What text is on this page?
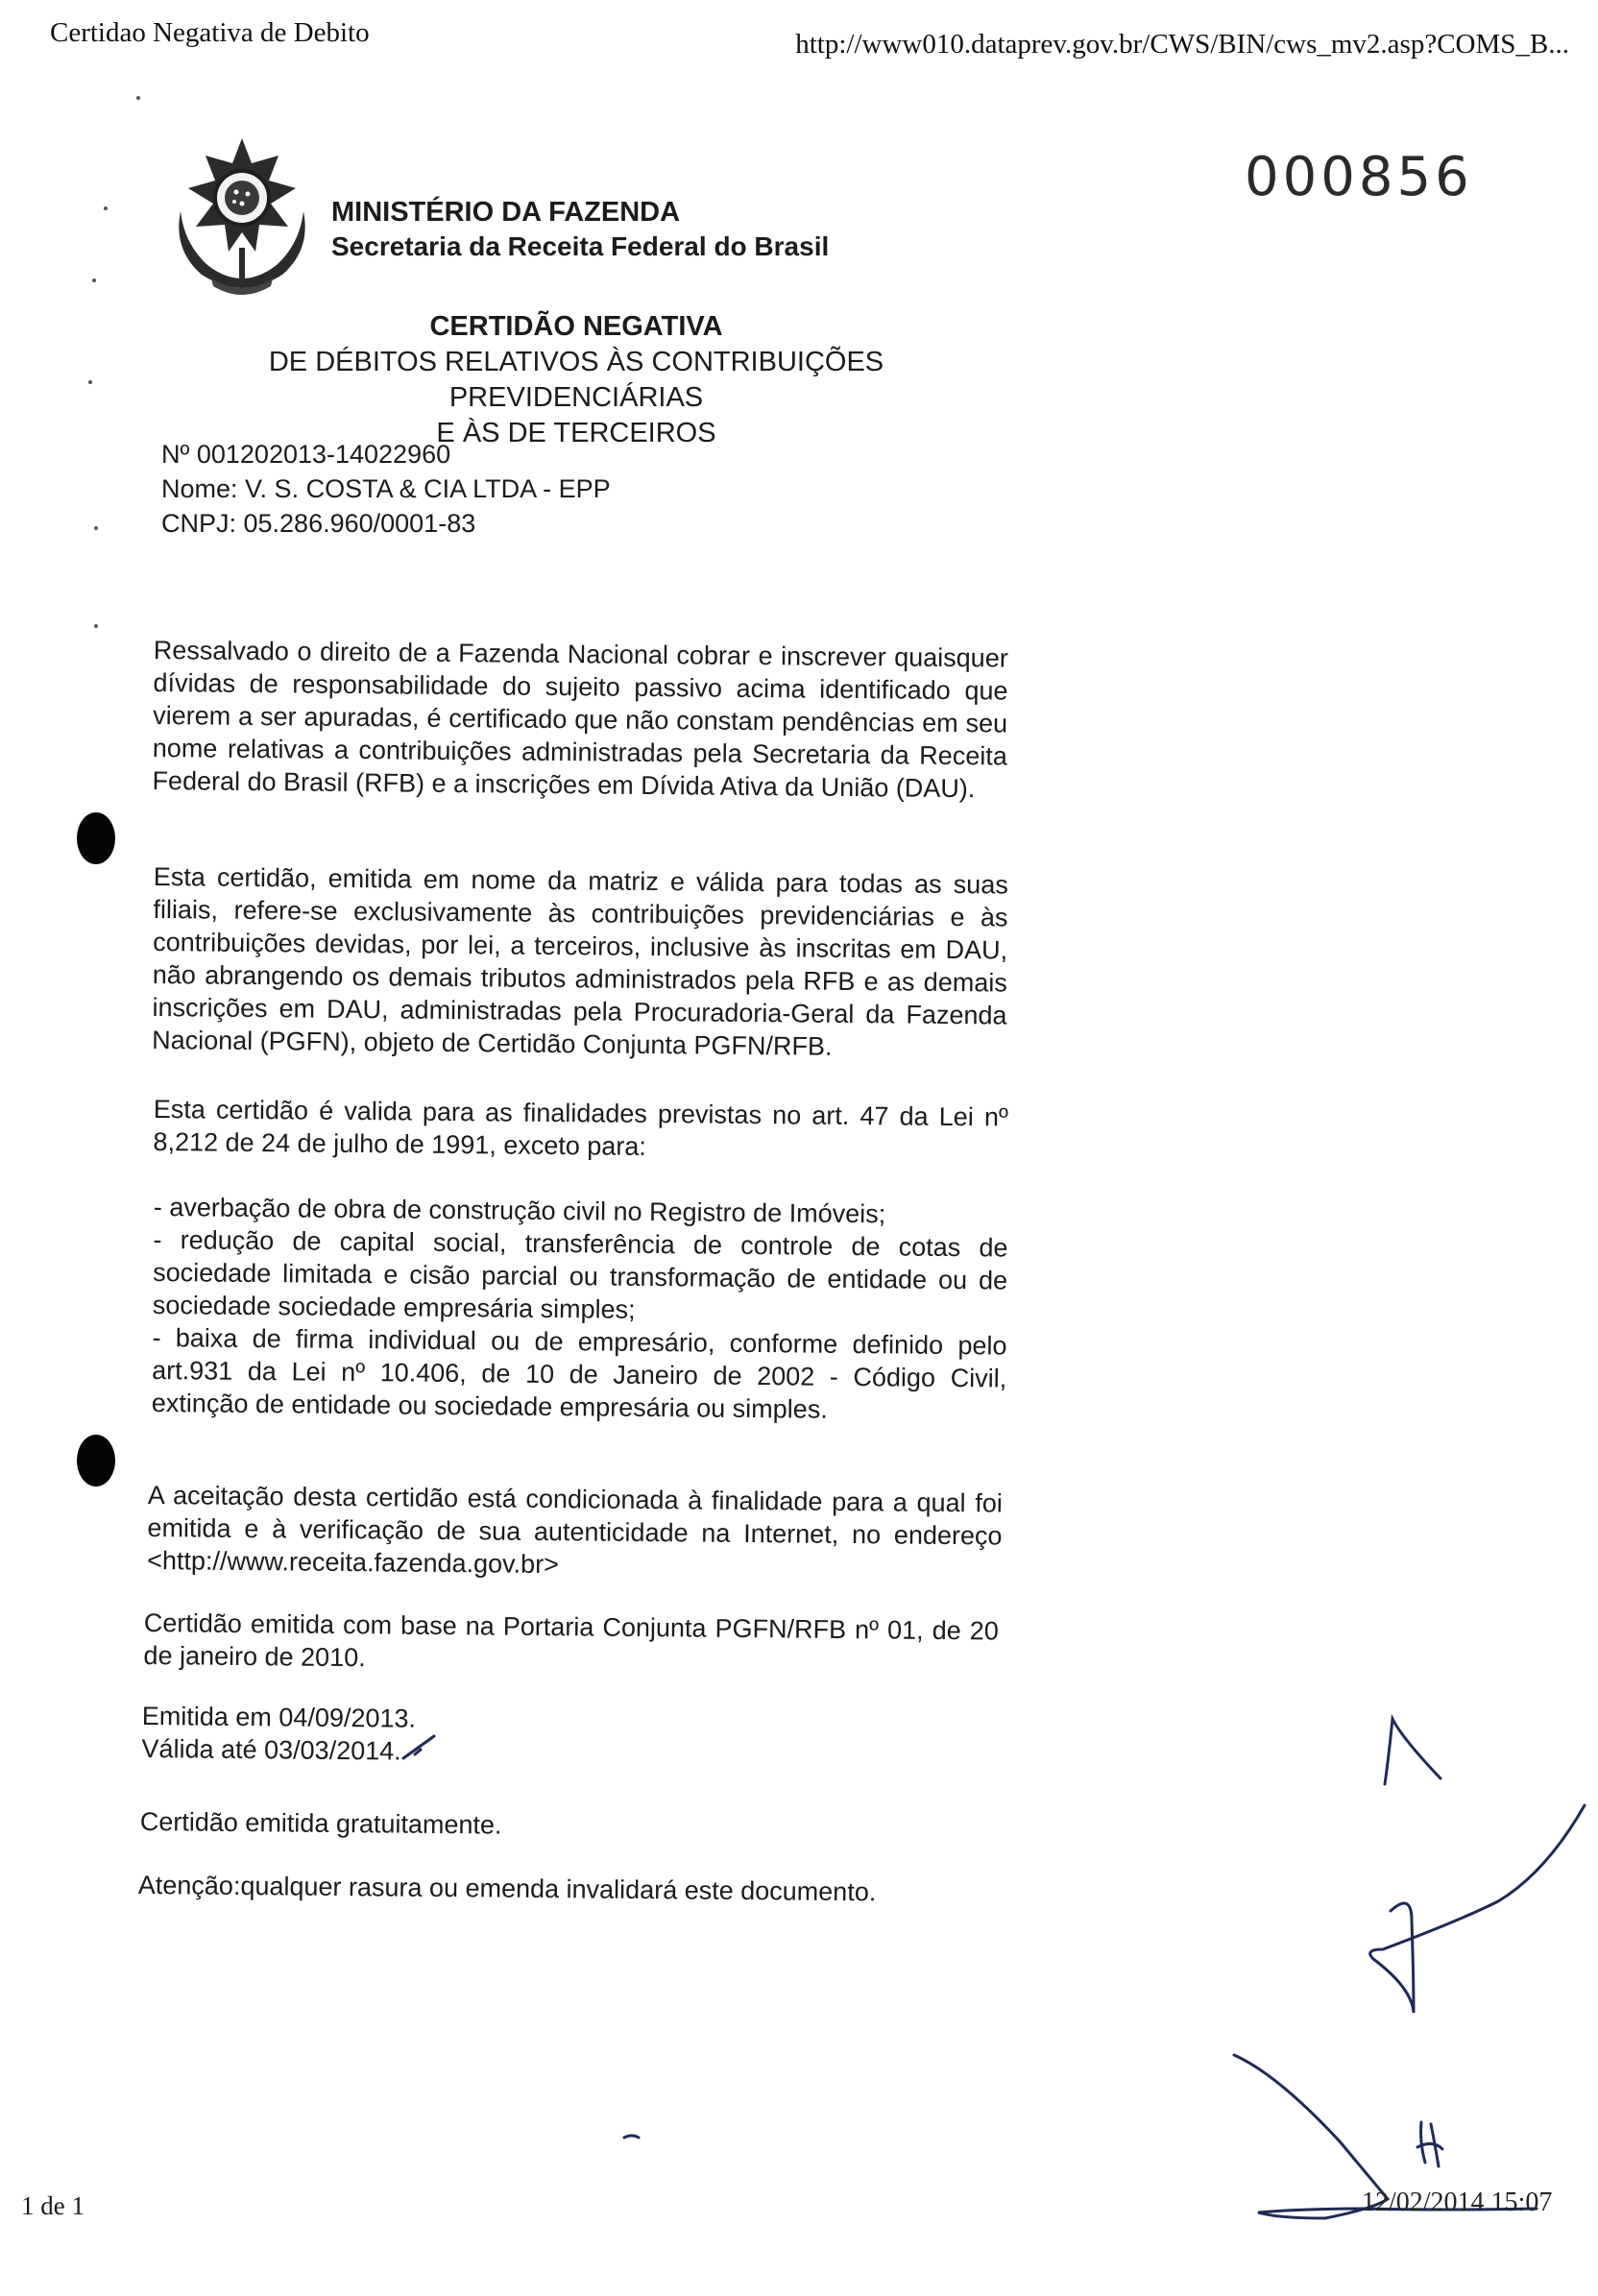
Certidao Negativa de Debito	http://www010.dataprev.gov.br/CWS/BIN/cws_mv2.asp?COMS_B...
000856
MINISTÉRIO DA FAZENDA
Secretaria da Receita Federal do Brasil
CERTIDÃO NEGATIVA
DE DÉBITOS RELATIVOS ÀS CONTRIBUIÇÕES PREVIDENCIÁRIAS
E ÀS DE TERCEIROS
Nº 001202013-14022960
Nome: V. S. COSTA & CIA LTDA - EPP
CNPJ: 05.286.960/0001-83
Ressalvado o direito de a Fazenda Nacional cobrar e inscrever quaisquer dívidas de responsabilidade do sujeito passivo acima identificado que vierem a ser apuradas, é certificado que não constam pendências em seu nome relativas a contribuições administradas pela Secretaria da Receita Federal do Brasil (RFB) e a inscrições em Dívida Ativa da União (DAU).
Esta certidão, emitida em nome da matriz e válida para todas as suas filiais, refere-se exclusivamente às contribuições previdenciárias e às contribuições devidas, por lei, a terceiros, inclusive às inscritas em DAU, não abrangendo os demais tributos administrados pela RFB e as demais inscrições em DAU, administradas pela Procuradoria-Geral da Fazenda Nacional (PGFN), objeto de Certidão Conjunta PGFN/RFB.
Esta certidão é valida para as finalidades previstas no art. 47 da Lei nº 8,212 de 24 de julho de 1991, exceto para:
- averbação de obra de construção civil no Registro de Imóveis;
- redução de capital social, transferência de controle de cotas de sociedade limitada e cisão parcial ou transformação de entidade ou de sociedade sociedade empresária simples;
- baixa de firma individual ou de empresário, conforme definido pelo art.931 da Lei nº 10.406, de 10 de Janeiro de 2002 - Código Civil, extinção de entidade ou sociedade empresária ou simples.
A aceitação desta certidão está condicionada à finalidade para a qual foi emitida e à verificação de sua autenticidade na Internet, no endereço <http://www.receita.fazenda.gov.br>
Certidão emitida com base na Portaria Conjunta PGFN/RFB nº 01, de 20 de janeiro de 2010.
Emitida em 04/09/2013.
Válida até 03/03/2014.
Certidão emitida gratuitamente.
Atenção:qualquer rasura ou emenda invalidará este documento.
1 de 1	12/02/2014 15:07
